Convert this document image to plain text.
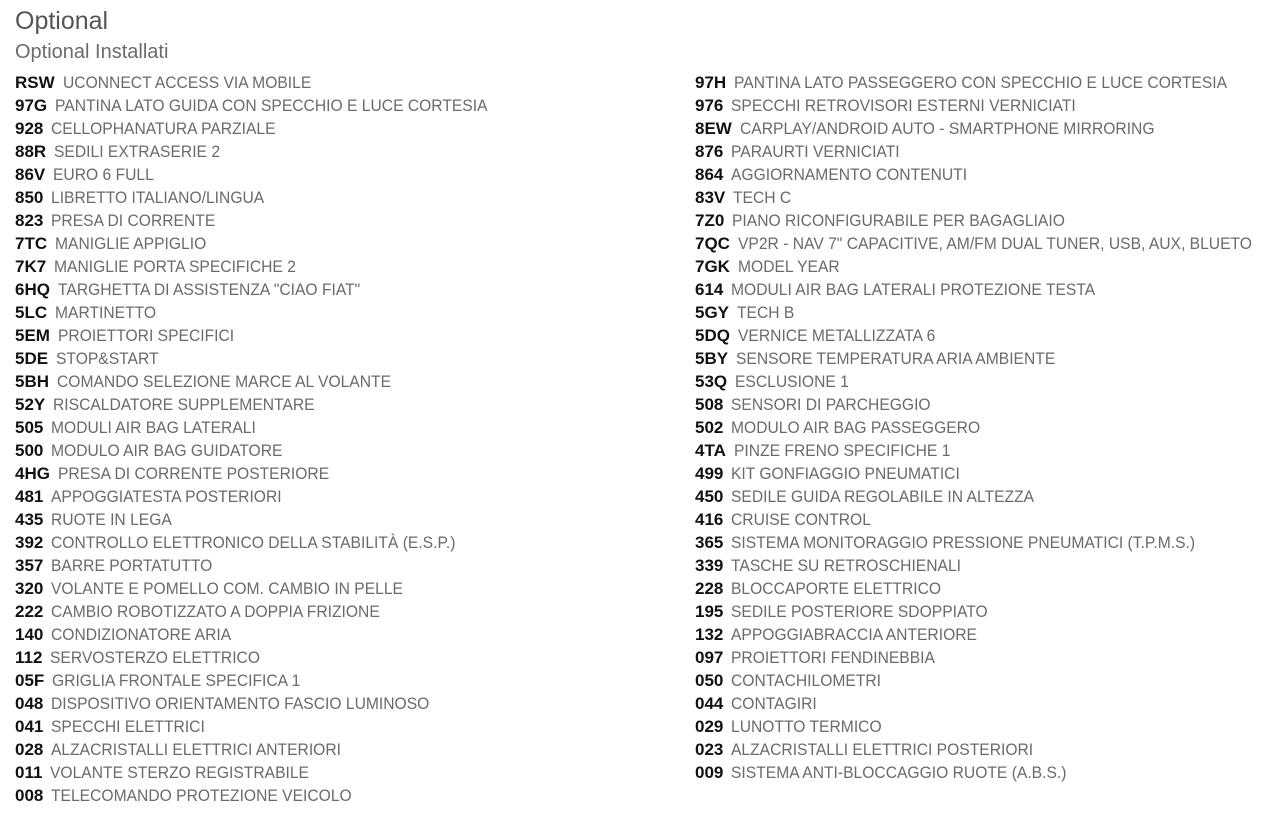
Optional
Optional Installati
RSW UCONNECT ACCESS VIA MOBILE
97G PANTINA LATO GUIDA CON SPECCHIO E LUCE CORTESIA
928 CELLOPHANATURA PARZIALE
88R SEDILI EXTRASERIE 2
86V EURO 6 FULL
850 LIBRETTO ITALIANO/LINGUA
823 PRESA DI CORRENTE
7TC MANIGLIE APPIGLIO
7K7 MANIGLIE PORTA SPECIFICHE 2
6HQ TARGHETTA DI ASSISTENZA "CIAO FIAT"
5LC MARTINETTO
5EM PROIETTORI SPECIFICI
5DE STOP&START
5BH COMANDO SELEZIONE MARCE AL VOLANTE
52Y RISCALDATORE SUPPLEMENTARE
505 MODULI AIR BAG LATERALI
500 MODULO AIR BAG GUIDATORE
4HG PRESA DI CORRENTE POSTERIORE
481 APPOGGIATESTA POSTERIORI
435 RUOTE IN LEGA
392 CONTROLLO ELETTRONICO DELLA STABILITÀ (E.S.P.)
357 BARRE PORTATUTTO
320 VOLANTE E POMELLO COM. CAMBIO IN PELLE
222 CAMBIO ROBOTIZZATO A DOPPIA FRIZIONE
140 CONDIZIONATORE ARIA
112 SERVOSTERZO ELETTRICO
05F GRIGLIA FRONTALE SPECIFICA 1
048 DISPOSITIVO ORIENTAMENTO FASCIO LUMINOSO
041 SPECCHI ELETTRICI
028 ALZACRISTALLI ELETTRICI ANTERIORI
011 VOLANTE STERZO REGISTRABILE
008 TELECOMANDO PROTEZIONE VEICOLO
97H PANTINA LATO PASSEGGERO CON SPECCHIO E LUCE CORTESIA
976 SPECCHI RETROVISORI ESTERNI VERNICIATI
8EW CARPLAY/ANDROID AUTO - SMARTPHONE MIRRORING
876 PARAURTI VERNICIATI
864 AGGIORNAMENTO CONTENUTI
83V TECH C
7Z0 PIANO RICONFIGURABILE PER BAGAGLIAIO
7QC VP2R - NAV 7" CAPACITIVE, AM/FM DUAL TUNER, USB, AUX, BLUETO
7GK MODEL YEAR
614 MODULI AIR BAG LATERALI PROTEZIONE TESTA
5GY TECH B
5DQ VERNICE METALLIZZATA 6
5BY SENSORE TEMPERATURA ARIA AMBIENTE
53Q ESCLUSIONE 1
508 SENSORI DI PARCHEGGIO
502 MODULO AIR BAG PASSEGGERO
4TA PINZE FRENO SPECIFICHE 1
499 KIT GONFIAGGIO PNEUMATICI
450 SEDILE GUIDA REGOLABILE IN ALTEZZA
416 CRUISE CONTROL
365 SISTEMA MONITORAGGIO PRESSIONE PNEUMATICI (T.P.M.S.)
339 TASCHE SU RETROSCHIENALI
228 BLOCCAPORTE ELETTRICO
195 SEDILE POSTERIORE SDOPPIATO
132 APPOGGIABRACCIA ANTERIORE
097 PROIETTORI FENDINEBBIA
050 CONTACHILOMETRI
044 CONTAGIRI
029 LUNOTTO TERMICO
023 ALZACRISTALLI ELETTRICI POSTERIORI
009 SISTEMA ANTI-BLOCCAGGIO RUOTE (A.B.S.)
